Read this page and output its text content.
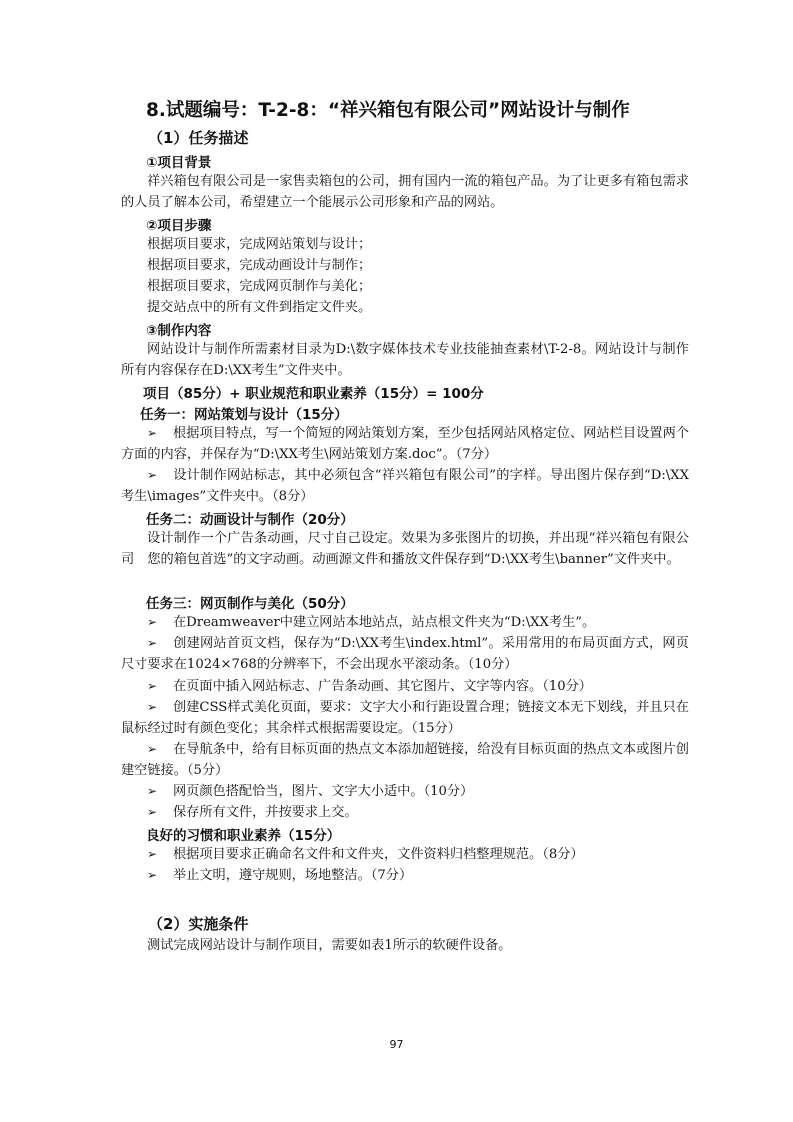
8.试题编号：T-2-8：“祥兴箱包有限公司”网站设计与制作
（1）任务描述
①项目背景
祥兴箱包有限公司是一家售卖箱包的公司，拥有国内一流的箱包产品。为了让更多有箱包需求的人员了解本公司，希望建立一个能展示公司形象和产品的网站。
②项目步骤
根据项目要求，完成网站策划与设计；
根据项目要求，完成动画设计与制作；
根据项目要求，完成网页制作与美化；
提交站点中的所有文件到指定文件夹。
③制作内容
网站设计与制作所需素材目录为D:\数字媒体技术专业技能抽查素材\T-2-8。网站设计与制作所有内容保存在D:\XX考生”文件夹中。
项目（85分）+ 职业规范和职业素养（15分）= 100分
任务一：网站策划与设计（15分）
➢根据项目特点，写一个简短的网站策划方案，至少包括网站风格定位、网站栏目设置两个方面的内容，并保存为“D:\XX考生\网站策划方案.doc”。（7分）
➢设计制作网站标志，其中必须包含“祥兴箱包有限公司”的字样。导出图片保存到“D:\XX考生\images”文件夹中。（8分）
任务二：动画设计与制作（20分）
设计制作一个广告条动画，尺寸自己设定。效果为多张图片的切换，并出现“祥兴箱包有限公司　您的箱包首选”的文字动画。动画源文件和播放文件保存到“D:\XX考生\banner”文件夹中。
任务三：网页制作与美化（50分）
➢在Dreamweaver中建立网站本地站点，站点根文件夹为“D:\XX考生”。
➢创建网站首页文档，保存为“D:\XX考生\index.html”。采用常用的布局页面方式，网页尺寸要求在1024×768的分辨率下，不会出现水平滚动条。（10分）
➢在页面中插入网站标志、广告条动画、其它图片、文字等内容。（10分）
➢创建CSS样式美化页面，要求：文字大小和行距设置合理；链接文本无下划线，并且只在鼠标经过时有颜色变化；其余样式根据需要设定。（15分）
➢在导航条中，给有目标页面的热点文本添加超链接，给没有目标页面的热点文本或图片创建空链接。（5分）
➢网页颜色搭配恰当，图片、文字大小适中。（10分）
➢保存所有文件，并按要求上交。
良好的习惯和职业素养（15分）
➢根据项目要求正确命名文件和文件夹，文件资料归档整理规范。（8分）
➢举止文明，遵守规则，场地整洁。（7分）
（2）实施条件
测试完成网站设计与制作项目，需要如表1所示的软硬件设备。
97
